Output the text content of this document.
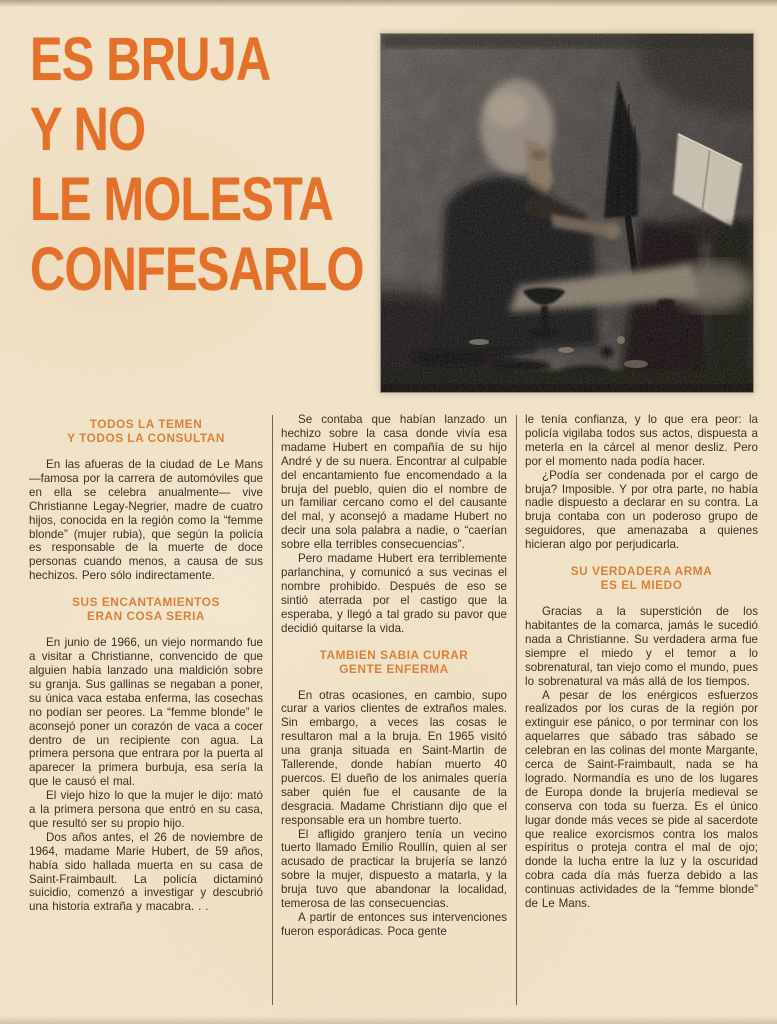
ES BRUJA
Y NO
LE MOLESTA
CONFESARLO
TODOS LA TEMEN
Y TODOS LA CONSULTAN

En las afueras de la ciudad de Le Mans —famosa por la carrera de automóviles que en ella se celebra anualmente— vive Christianne Legay-Negrier, madre de cuatro hijos, conocida en la región como la “femme blonde” (mujer rubia), que según la policía es responsable de la muerte de doce personas cuando menos, a causa de sus hechizos. Pero sólo indirectamente.

SUS ENCANTAMIENTOS
ERAN COSA SERIA

En junio de 1966, un viejo normando fue a visitar a Christianne, convencido de que alguien había lanzado una maldición sobre su granja. Sus gallinas se negaban a poner, su única vaca estaba enferma, las cosechas no podían ser peores. La “femme blonde” le aconsejó poner un corazón de vaca a cocer dentro de un recipiente con agua. La primera persona que entrara por la puerta al aparecer la primera burbuja, esa sería la que le causó el mal.

El viejo hizo lo que la mujer le dijo: mató a la primera persona que entró en su casa, que resultó ser su propio hijo.

Dos años antes, el 26 de noviembre de 1964, madame Marie Hubert, de 59 años, había sido hallada muerta en su casa de Saint-Fraimbault. La policía dictaminó suicidio, comenzó a investigar y descubrió una historia extraña y macabra. . .

Se contaba que habían lanzado un hechizo sobre la casa donde vivía esa madame Hubert en compañía de su hijo André y de su nuera. Encontrar al culpable del encantamiento fue encomendado a la bruja del pueblo, quien dio el nombre de un familiar cercano como el del causante del mal, y aconsejó a madame Hubert no decir una sola palabra a nadie, o “caerían sobre ella terribles consecuencias”.

Pero madame Hubert era terriblemente parlanchina, y comunicó a sus vecinas el nombre prohibido. Después de eso se sintió aterrada por el castigo que la esperaba, y llegó a tal grado su pavor que decidió quitarse la vida.

TAMBIEN SABIA CURAR
GENTE ENFERMA

En otras ocasiones, en cambio, supo curar a varios clientes de extraños males. Sin embargo, a veces las cosas le resultaron mal a la bruja. En 1965 visitó una granja situada en Saint-Martin de Tallerende, donde habían muerto 40 puercos. El dueño de los animales quería saber quién fue el causante de la desgracia. Madame Christiann dijo que el responsable era un hombre tuerto.

El afligido granjero tenía un vecino tuerto llamado Emilio Roullín, quien al ser acusado de practicar la brujería se lanzó sobre la mujer, dispuesto a matarla, y la bruja tuvo que abandonar la localidad, temerosa de las consecuencias.

A partir de entonces sus intervenciones fueron esporádicas. Poca gente

le tenía confianza, y lo que era peor: la policía vigilaba todos sus actos, dispuesta a meterla en la cárcel al menor desliz. Pero por el momento nada podía hacer.

¿Podía ser condenada por el cargo de bruja? Imposible. Y por otra parte, no había nadie dispuesto a declarar en su contra. La bruja contaba con un poderoso grupo de seguidores, que amenazaba a quienes hicieran algo por perjudicarla.

SU VERDADERA ARMA
ES EL MIEDO

Gracias a la superstición de los habitantes de la comarca, jamás le sucedió nada a Christianne. Su verdadera arma fue siempre el miedo y el temor a lo sobrenatural, tan viejo como el mundo, pues lo sobrenatural va más allá de los tiempos.

A pesar de los enérgicos esfuerzos realizados por los curas de la región por extinguir ese pánico, o por terminar con los aquelarres que sábado tras sábado se celebran en las colinas del monte Margante, cerca de Saint-Fraimbault, nada se ha logrado. Normandía es uno de los lugares de Europa donde la brujería medieval se conserva con toda su fuerza. Es el único lugar donde más veces se pide al sacerdote que realice exorcismos contra los malos espíritus o proteja contra el mal de ojo; donde la lucha entre la luz y la oscuridad cobra cada día más fuerza debido a las continuas actividades de la “femme blonde” de Le Mans.
